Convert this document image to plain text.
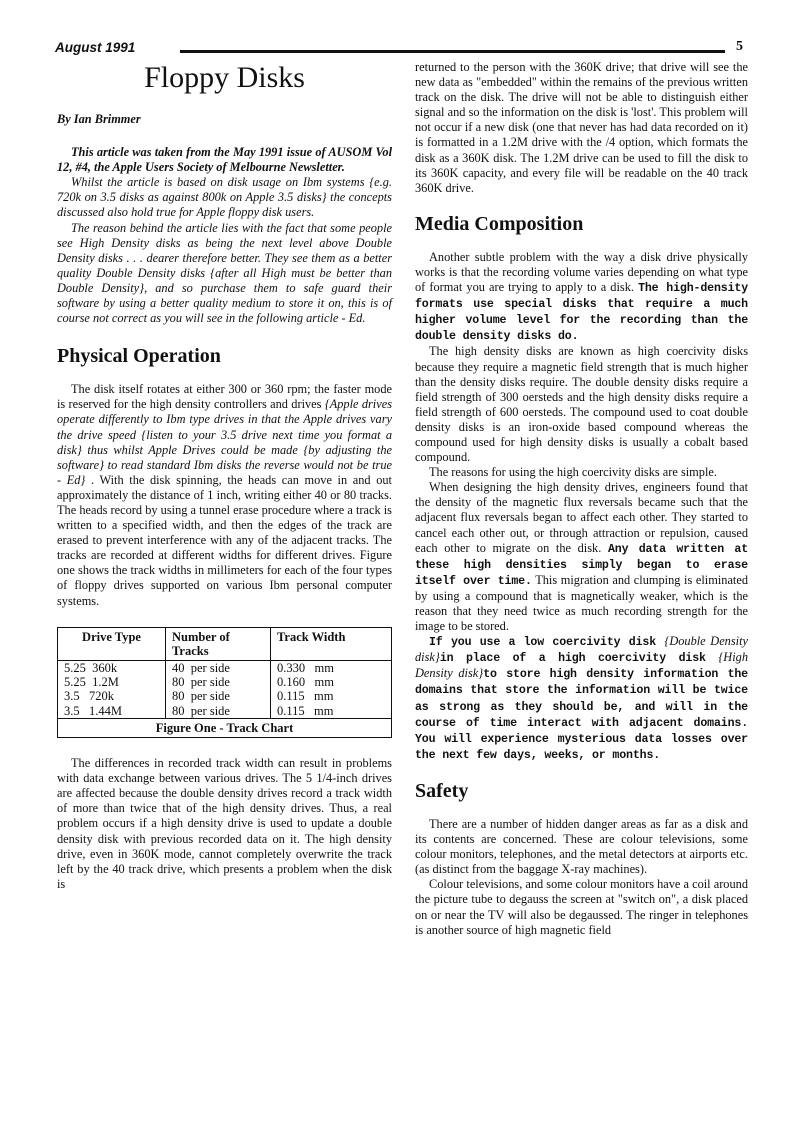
August 1991	5
Floppy Disks

By Ian Brimmer

This article was taken from the May 1991 issue of AUSOM Vol 12, #4, the Apple Users Society of Melbourne Newsletter.

Whilst the article is based on disk usage on Ibm systems {e.g. 720k on 3.5 disks as against 800k on Apple 3.5 disks} the concepts discussed also hold true for Apple floppy disk users.

The reason behind the article lies with the fact that some people see High Density disks as being the next level above Double Density disks . . . dearer therefore better. They see them as a better quality Double Density disks {after all High must be better than Double Density}, and so purchase them to safe guard their software by using a better quality medium to store it on, this is of course not correct as you will see in the following article - Ed.

Physical Operation

The disk itself rotates at either 300 or 360 rpm; the faster mode is reserved for the high density controllers and drives {Apple drives operate differently to Ibm type drives in that the Apple drives vary the drive speed {listen to your 3.5 drive next time you format a disk} thus whilst Apple Drives could be made {by adjusting the software} to read standard Ibm disks the reverse would not be true - Ed} . With the disk spinning, the heads can move in and out approximately the distance of 1 inch, writing either 40 or 80 tracks. The heads record by using a tunnel erase procedure where a track is written to a specified width, and then the edges of the track are erased to prevent interference with any of the adjacent tracks. The tracks are recorded at different widths for different drives. Figure one shows the track widths in millimeters for each of the four types of floppy drives supported on various Ibm personal computer systems.

Drive Type	Number of Tracks	Track Width
5.25  360k	40  per side	0.330   mm
5.25  1.2M	80  per side	0.160   mm
3.5   720k	80  per side	0.115   mm
3.5   1.44M	80  per side	0.115   mm
Figure One - Track Chart		

The differences in recorded track width can result in problems with data exchange between various drives. The 5 1/4-inch drives are affected because the double density drives record a track width of more than twice that of the high density drives. Thus, a real problem occurs if a high density drive is used to update a double density disk with previous recorded data on it. The high density drive, even in 360K mode, cannot completely overwrite the track left by the 40 track drive, which presents a problem when the disk is

returned to the person with the 360K drive; that drive will see the new data as "embedded" within the remains of the previous written track on the disk. The drive will not be able to distinguish either signal and so the information on the disk is 'lost'. This problem will not occur if a new disk (one that never has had data recorded on it) is formatted in a 1.2M drive with the /4 option, which formats the disk as a 360K disk. The 1.2M drive can be used to fill the disk to its 360K capacity, and every file will be readable on the 40 track 360K drive.

Media Composition

Another subtle problem with the way a disk drive physically works is that the recording volume varies depending on what type of format you are trying to apply to a disk. The high-density formats use special disks that require a much higher volume level for the recording than the double density disks do.

The high density disks are known as high coercivity disks because they require a magnetic field strength that is much higher than the density disks require. The double density disks require a field strength of 300 oersteds and the high density disks require a field strength of 600 oersteds. The compound used to coat double density disks is an iron-oxide based compound whereas the compound used for high density disks is usually a cobalt based compound.

The reasons for using the high coercivity disks are simple.

When designing the high density drives, engineers found that the density of the magnetic flux reversals became such that the adjacent flux reversals began to affect each other. They started to cancel each other out, or through attraction or repulsion, caused each other to migrate on the disk. Any data written at these high densities simply began to erase itself over time. This migration and clumping is eliminated by using a compound that is magnetically weaker, which is the reason that they need twice as much recording strength for the image to be stored.

If you use a low coercivity disk {Double Density disk}in place of a high coercivity disk {High Density disk}to store high density information the domains that store the information will be twice as strong as they should be, and will in the course of time interact with adjacent domains. You will experience mysterious data losses over the next few days, weeks, or months.

Safety

There are a number of hidden danger areas as far as a disk and its contents are concerned. These are colour televisions, some colour monitors, telephones, and the metal detectors at airports etc. (as distinct from the baggage X-ray machines).

Colour televisions, and some colour monitors have a coil around the picture tube to degauss the screen at "switch on", a disk placed on or near the TV will also be degaussed. The ringer in telephones is another source of high magnetic field
